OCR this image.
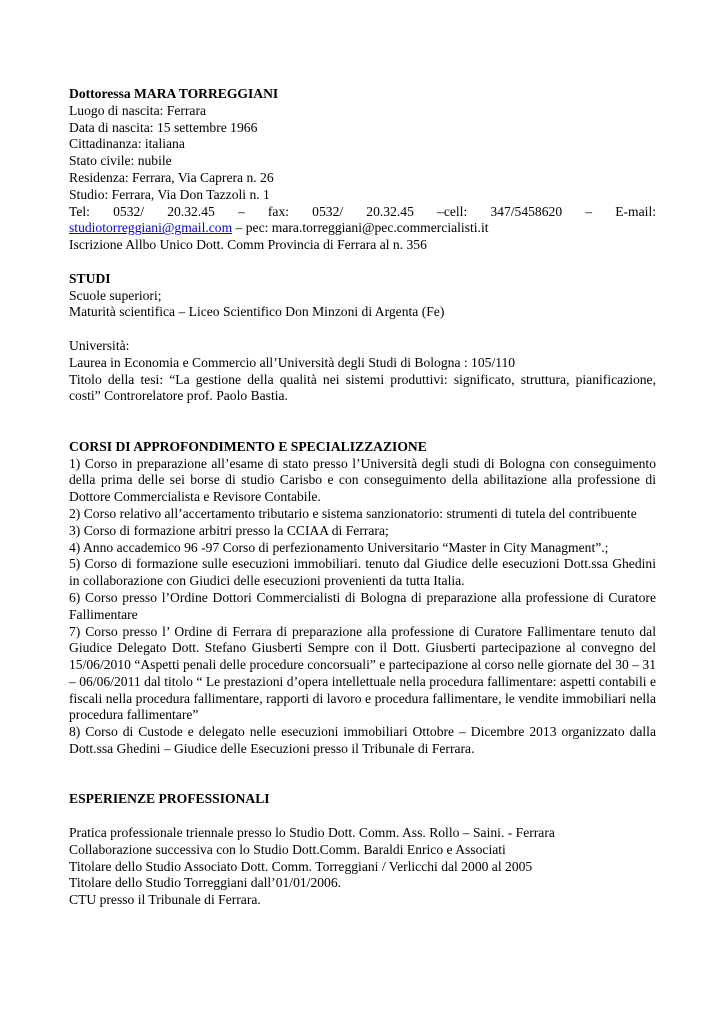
Dottoressa MARA TORREGGIANI
Luogo di nascita: Ferrara
Data di nascita: 15 settembre 1966
Cittadinanza: italiana
Stato civile: nubile
Residenza: Ferrara, Via Caprera n. 26
Studio: Ferrara, Via Don Tazzoli n. 1
Tel: 0532/ 20.32.45 – fax: 0532/ 20.32.45 –cell: 347/5458620 – E-mail:
studiotorreggiani@gmail.com – pec: mara.torreggiani@pec.commercialisti.it
Iscrizione Allbo Unico Dott. Comm Provincia di Ferrara al n. 356
STUDI
Scuole superiori;
Maturità scientifica – Liceo Scientifico Don Minzoni di Argenta (Fe)
Università:
Laurea in Economia e Commercio all’Università degli Studi di Bologna : 105/110
Titolo della tesi: “La gestione della qualità nei sistemi produttivi: significato, struttura, pianificazione, costi” Controrelatore prof. Paolo Bastia.
CORSI DI APPROFONDIMENTO E SPECIALIZZAZIONE
1) Corso in preparazione all’esame di stato presso l’Università degli studi di Bologna con conseguimento della prima delle sei borse di studio Carisbo e con conseguimento della abilitazione alla professione di Dottore Commercialista e Revisore Contabile.
2) Corso relativo all’accertamento tributario e sistema sanzionatorio: strumenti di tutela del contribuente
3) Corso di formazione arbitri presso la CCIAA di Ferrara;
4) Anno accademico 96 -97 Corso di perfezionamento Universitario “Master in City Managment”.;
5) Corso di formazione sulle esecuzioni immobiliari. tenuto dal Giudice delle esecuzioni Dott.ssa Ghedini in collaborazione con Giudici delle esecuzioni provenienti da tutta Italia.
6) Corso presso l’Ordine Dottori Commercialisti di Bologna di preparazione alla professione di Curatore Fallimentare
7) Corso presso l’ Ordine di Ferrara di preparazione alla professione di Curatore Fallimentare tenuto dal Giudice Delegato Dott. Stefano Giusberti Sempre con il Dott. Giusberti partecipazione al convegno del 15/06/2010 “Aspetti penali delle procedure concorsuali” e partecipazione al corso nelle giornate del 30 – 31 – 06/06/2011 dal titolo “ Le prestazioni d’opera intellettuale nella procedura fallimentare: aspetti contabili e fiscali nella procedura fallimentare, rapporti di lavoro e procedura fallimentare, le vendite immobiliari nella procedura fallimentare”
8) Corso di Custode e delegato nelle esecuzioni immobiliari Ottobre – Dicembre 2013 organizzato dalla Dott.ssa Ghedini – Giudice delle Esecuzioni presso il Tribunale di Ferrara.
ESPERIENZE PROFESSIONALI
Pratica professionale triennale presso lo Studio Dott. Comm. Ass. Rollo – Saini. - Ferrara
Collaborazione successiva con lo Studio Dott.Comm. Baraldi Enrico e Associati
Titolare dello Studio Associato Dott. Comm. Torreggiani / Verlicchi dal 2000 al 2005
Titolare dello Studio Torreggiani dall’01/01/2006.
CTU presso il Tribunale di Ferrara.
